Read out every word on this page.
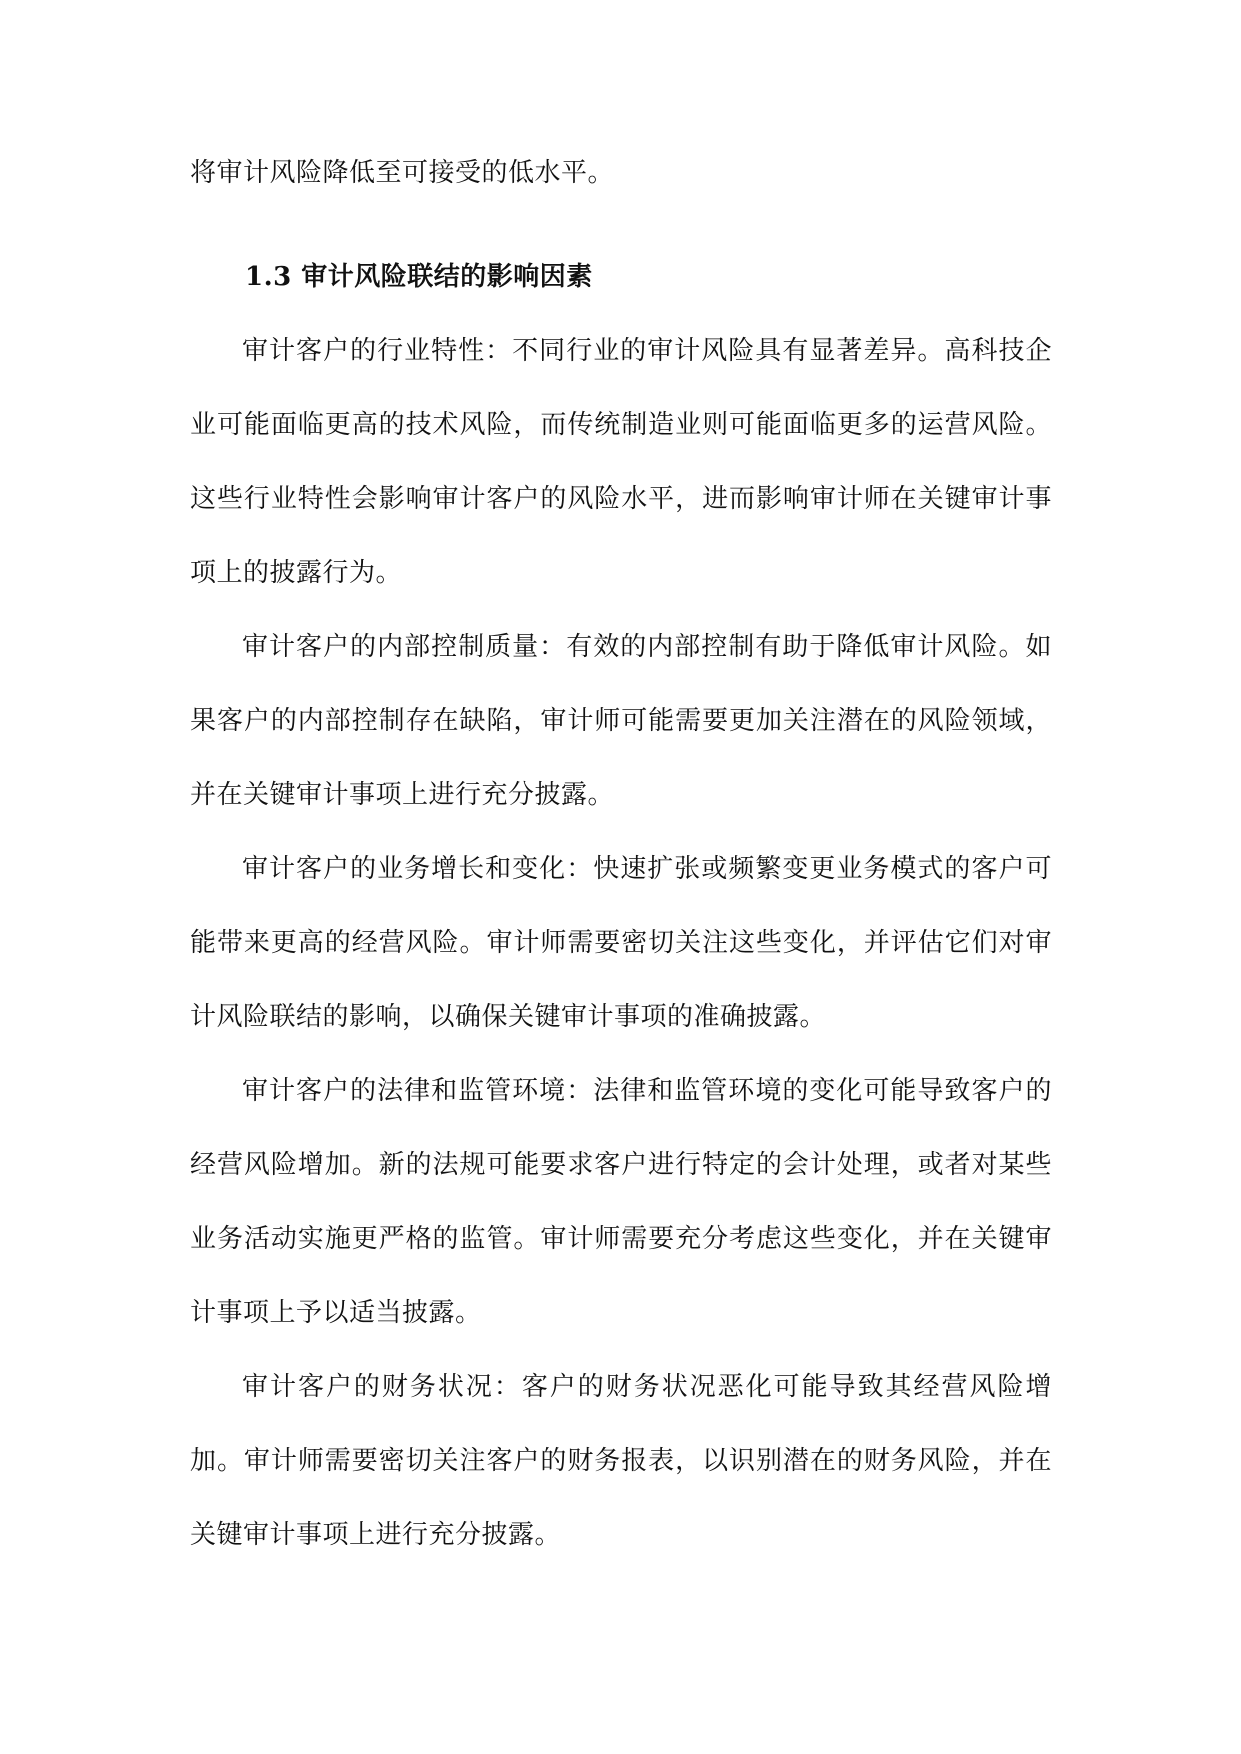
将审计风险降低至可接受的低水平。

1.3 审计风险联结的影响因素

审计客户的行业特性：不同行业的审计风险具有显著差异。高科技企业可能面临更高的技术风险，而传统制造业则可能面临更多的运营风险。这些行业特性会影响审计客户的风险水平，进而影响审计师在关键审计事项上的披露行为。

审计客户的内部控制质量：有效的内部控制有助于降低审计风险。如果客户的内部控制存在缺陷，审计师可能需要更加关注潜在的风险领域，并在关键审计事项上进行充分披露。

审计客户的业务增长和变化：快速扩张或频繁变更业务模式的客户可能带来更高的经营风险。审计师需要密切关注这些变化，并评估它们对审计风险联结的影响，以确保关键审计事项的准确披露。

审计客户的法律和监管环境：法律和监管环境的变化可能导致客户的经营风险增加。新的法规可能要求客户进行特定的会计处理，或者对某些业务活动实施更严格的监管。审计师需要充分考虑这些变化，并在关键审计事项上予以适当披露。

审计客户的财务状况：客户的财务状况恶化可能导致其经营风险增加。审计师需要密切关注客户的财务报表，以识别潜在的财务风险，并在关键审计事项上进行充分披露。
